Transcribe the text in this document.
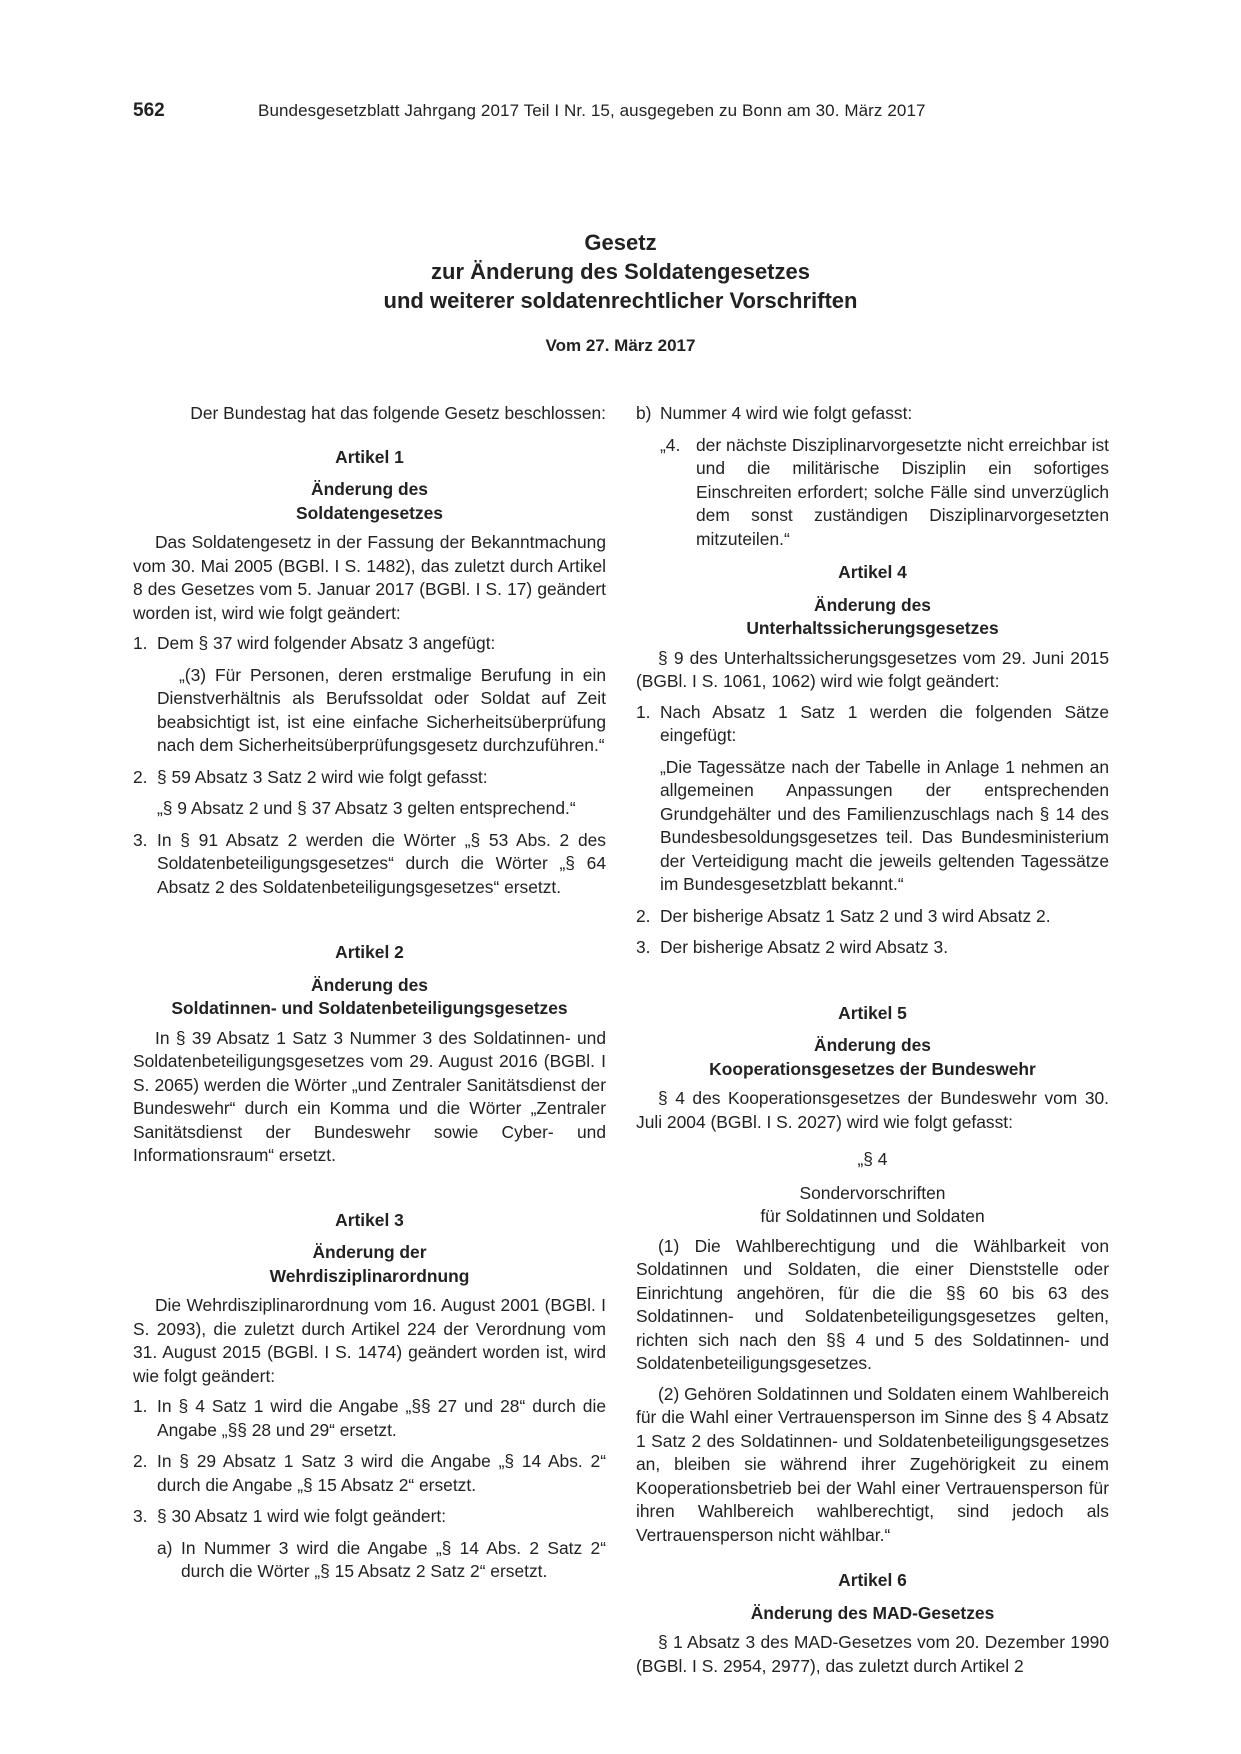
562	Bundesgesetzblatt Jahrgang 2017 Teil I Nr. 15, ausgegeben zu Bonn am 30. März 2017
Gesetz
zur Änderung des Soldatengesetzes
und weiterer soldatenrechtlicher Vorschriften
Vom 27. März 2017

Der Bundestag hat das folgende Gesetz beschlossen:

Artikel 1

Änderung des

Soldatengesetzes

Das Soldatengesetz in der Fassung der Bekanntmachung vom 30. Mai 2005 (BGBl. I S. 1482), das zuletzt durch Artikel 8 des Gesetzes vom 5. Januar 2017 (BGBl. I S. 17) geändert worden ist, wird wie folgt geändert:

1. Dem § 37 wird folgender Absatz 3 angefügt:

„(3) Für Personen, deren erstmalige Berufung in ein Dienstverhältnis als Berufssoldat oder Soldat auf Zeit beabsichtigt ist, ist eine einfache Sicherheitsüberprüfung nach dem Sicherheitsüberprüfungsgesetz durchzuführen.“

2. § 59 Absatz 3 Satz 2 wird wie folgt gefasst:

„§ 9 Absatz 2 und § 37 Absatz 3 gelten entsprechend.“

3. In § 91 Absatz 2 werden die Wörter „§ 53 Abs. 2 des Soldatenbeteiligungsgesetzes“ durch die Wörter „§ 64 Absatz 2 des Soldatenbeteiligungsgesetzes“ ersetzt.

Artikel 2

Änderung des

Soldatinnen- und Soldatenbeteiligungsgesetzes

In § 39 Absatz 1 Satz 3 Nummer 3 des Soldatinnen- und Soldatenbeteiligungsgesetzes vom 29. August 2016 (BGBl. I S. 2065) werden die Wörter „und Zentraler Sanitätsdienst der Bundeswehr“ durch ein Komma und die Wörter „Zentraler Sanitätsdienst der Bundeswehr sowie Cyber- und Informationsraum“ ersetzt.

Artikel 3

Änderung der

Wehrdisziplinarordnung

Die Wehrdisziplinarordnung vom 16. August 2001 (BGBl. I S. 2093), die zuletzt durch Artikel 224 der Verordnung vom 31. August 2015 (BGBl. I S. 1474) geändert worden ist, wird wie folgt geändert:

1. In § 4 Satz 1 wird die Angabe „§§ 27 und 28“ durch die Angabe „§§ 28 und 29“ ersetzt.
2. In § 29 Absatz 1 Satz 3 wird die Angabe „§ 14 Abs. 2“ durch die Angabe „§ 15 Absatz 2“ ersetzt.
3. § 30 Absatz 1 wird wie folgt geändert:
a) In Nummer 3 wird die Angabe „§ 14 Abs. 2 Satz 2“ durch die Wörter „§ 15 Absatz 2 Satz 2“ ersetzt.
b) Nummer 4 wird wie folgt gefasst:
„4. der nächste Disziplinarvorgesetzte nicht erreichbar ist und die militärische Disziplin ein sofortiges Einschreiten erfordert; solche Fälle sind unverzüglich dem sonst zuständigen Disziplinarvorgesetzten mitzuteilen.“

Artikel 4

Änderung des

Unterhaltssicherungsgesetzes

§ 9 des Unterhaltssicherungsgesetzes vom 29. Juni 2015 (BGBl. I S. 1061, 1062) wird wie folgt geändert:

1. Nach Absatz 1 Satz 1 werden die folgenden Sätze eingefügt:

„Die Tagessätze nach der Tabelle in Anlage 1 nehmen an allgemeinen Anpassungen der entsprechenden Grundgehälter und des Familienzuschlags nach § 14 des Bundesbesoldungsgesetzes teil. Das Bundesministerium der Verteidigung macht die jeweils geltenden Tagessätze im Bundesgesetzblatt bekannt.“

2. Der bisherige Absatz 1 Satz 2 und 3 wird Absatz 2.
3. Der bisherige Absatz 2 wird Absatz 3.

Artikel 5

Änderung des

Kooperationsgesetzes der Bundeswehr

§ 4 des Kooperationsgesetzes der Bundeswehr vom 30. Juli 2004 (BGBl. I S. 2027) wird wie folgt gefasst:

„§ 4

Sondervorschriften

für Soldatinnen und Soldaten

(1) Die Wahlberechtigung und die Wählbarkeit von Soldatinnen und Soldaten, die einer Dienststelle oder Einrichtung angehören, für die die §§ 60 bis 63 des Soldatinnen- und Soldatenbeteiligungsgesetzes gelten, richten sich nach den §§ 4 und 5 des Soldatinnen- und Soldatenbeteiligungsgesetzes.

(2) Gehören Soldatinnen und Soldaten einem Wahlbereich für die Wahl einer Vertrauensperson im Sinne des § 4 Absatz 1 Satz 2 des Soldatinnen- und Soldatenbeteiligungsgesetzes an, bleiben sie während ihrer Zugehörigkeit zu einem Kooperationsbetrieb bei der Wahl einer Vertrauensperson für ihren Wahlbereich wahlberechtigt, sind jedoch als Vertrauensperson nicht wählbar.“

Artikel 6

Änderung des MAD-Gesetzes

§ 1 Absatz 3 des MAD-Gesetzes vom 20. Dezember 1990 (BGBl. I S. 2954, 2977), das zuletzt durch Artikel 2
